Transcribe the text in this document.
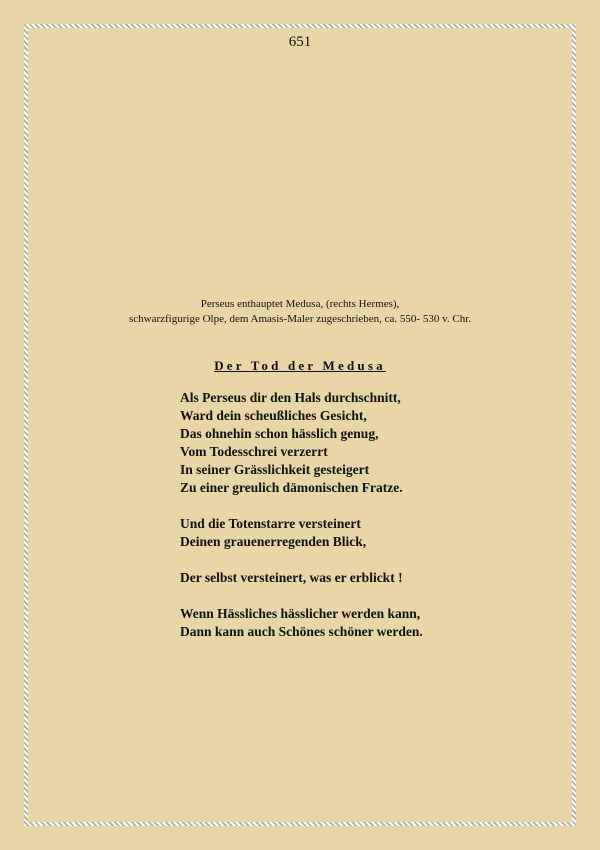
651
Perseus enthauptet Medusa, (rechts Hermes),
schwarzfigurige Olpe, dem Amasis-Maler zugeschrieben, ca. 550- 530 v. Chr.
Der Tod der Medusa
Als Perseus dir den Hals durchschnitt,
Ward dein scheußliches Gesicht,
Das ohnehin schon hässlich genug,
Vom Todesschrei verzerrt
In seiner Grässlichkeit gesteigert
Zu einer greulich dämonischen Fratze.
Und die Totenstarre versteinert
Deinen grauenerregenden Blick,
Der selbst versteinert, was er erblickt !
Wenn Hässliches hässlicher werden kann,
Dann kann auch Schönes schöner werden.
